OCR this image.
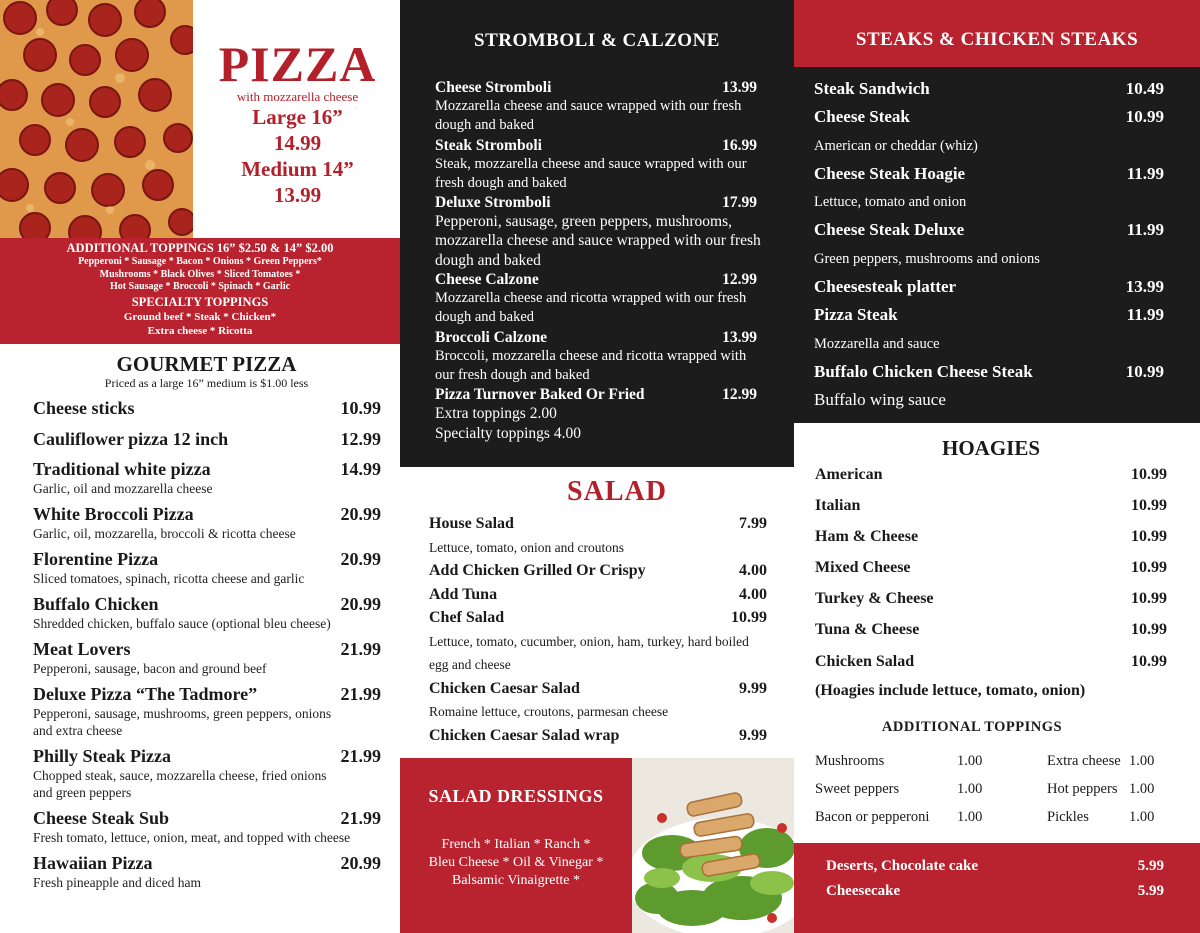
PIZZA
with mozzarella cheese
Large 16”
14.99
Medium 14”
13.99
ADDITIONAL TOPPINGS 16” $2.50 & 14” $2.00
Pepperoni * Sausage * Bacon * Onions * Green Peppers*
Mushrooms * Black Olives * Sliced Tomatoes *
Hot Sausage * Broccoli * Spinach * Garlic
SPECIALTY TOPPINGS
Ground beef * Steak * Chicken*
Extra cheese * Ricotta
GOURMET PIZZA
Priced as a large 16” medium is $1.00 less
Cheese sticks	10.99
Cauliflower pizza 12 inch	12.99
Traditional white pizza	14.99
Garlic, oil and mozzarella cheese
White Broccoli Pizza	20.99
Garlic, oil, mozzarella, broccoli & ricotta cheese
Florentine Pizza	20.99
Sliced tomatoes, spinach, ricotta cheese and garlic
Buffalo Chicken	20.99
Shredded chicken, buffalo sauce (optional bleu cheese)
Meat Lovers	21.99
Pepperoni, sausage, bacon and ground beef
Deluxe Pizza “The Tadmore”	21.99
Pepperoni, sausage, mushrooms, green peppers, onions and extra cheese
Philly Steak Pizza	21.99
Chopped steak, sauce, mozzarella cheese, fried onions and green peppers
Cheese Steak Sub	21.99
Fresh tomato, lettuce, onion, meat, and topped with cheese
Hawaiian Pizza	20.99
Fresh pineapple and diced ham
STROMBOLI & CALZONE
Cheese Stromboli	13.99
Mozzarella cheese and sauce wrapped with our fresh dough and baked
Steak Stromboli	16.99
Steak, mozzarella cheese and sauce wrapped with our fresh dough and baked
Deluxe Stromboli	17.99
Pepperoni, sausage, green peppers, mushrooms, mozzarella cheese and sauce wrapped with our fresh dough and baked
Cheese Calzone	12.99
Mozzarella cheese and ricotta wrapped with our fresh dough and baked
Broccoli Calzone	13.99
Broccoli, mozzarella cheese and ricotta wrapped with our fresh dough and baked
Pizza Turnover Baked Or Fried	12.99
Extra toppings 2.00
Specialty toppings 4.00
SALAD
House Salad	7.99
Lettuce, tomato, onion and croutons
Add Chicken Grilled Or Crispy	4.00
Add Tuna	4.00
Chef Salad	10.99
Lettuce, tomato, cucumber, onion, ham, turkey, hard boiled egg and cheese
Chicken Caesar Salad	9.99
Romaine lettuce, croutons, parmesan cheese
Chicken Caesar Salad wrap	9.99
SALAD DRESSINGS
French * Italian * Ranch *
Bleu Cheese * Oil & Vinegar *
Balsamic Vinaigrette *
STEAKS & CHICKEN STEAKS
Steak Sandwich	10.49
Cheese Steak	10.99
American or cheddar (whiz)
Cheese Steak Hoagie	11.99
Lettuce, tomato and onion
Cheese Steak Deluxe	11.99
Green peppers, mushrooms and onions
Cheesesteak platter	13.99
Pizza Steak	11.99
Mozzarella and sauce
Buffalo Chicken Cheese Steak	10.99
Buffalo wing sauce
HOAGIES
American	10.99
Italian	10.99
Ham & Cheese	10.99
Mixed Cheese	10.99
Turkey & Cheese	10.99
Tuna & Cheese	10.99
Chicken Salad	10.99
(Hoagies include lettuce, tomato, onion)
ADDITIONAL TOPPINGS
Mushrooms	1.00	Extra cheese 1.00
Sweet peppers	1.00	Hot peppers 1.00
Bacon or pepperoni 1.00	Pickles	1.00
Deserts, Chocolate cake	5.99
Cheesecake	5.99
